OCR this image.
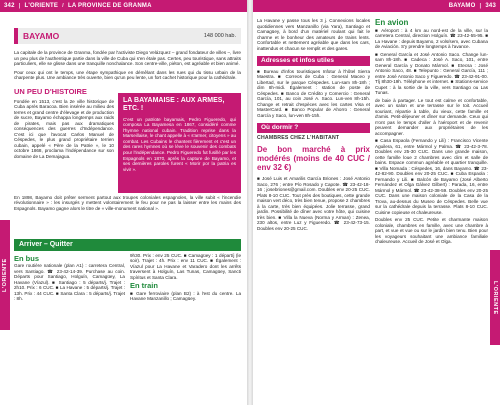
342 | L'ORIENTE / LA PROVINCE DE GRANMA
BAYAMO	148 000 hab.

La capitale de la province de Granma, fondée par l'activiste Diego Velázquez – grand fondateur de villes –, livre un peu plus de l'authentique partie dans la ville de Cuba qui s'en étale pas. Certes, peu touristique, sans attraits particuliers, elle se glisse dans une tranquille nonchalance. Son centre-ville, piéton, est agréable et bien animé.

Pour ceux qui ont le temps, une étape sympathique en démêlant dans les rues qui du tissu urbain de la charpente plus. Une ambiance très ouverte, bien qu'un peu lente, un fort cachet historique pour la cathédrale.

UN PEU D'HISTOIRE
Fondée en 1513, c'est la 2e ville historique de Cuba après Baracoa. Bien insérée au milieu des terres et grand centre d'élevage et de production de sucre, Bayamo échappa longtemps aux raids de pirates, mais pas aux dramatiques conséquences des guerres d'Indépendance. C'est ici que l'avocat Carlos Manuel de Céspedes, le plus grand propriétaire terrien cubain, appelé « Père de la Patrie », le 10 octobre 1868, proclama l'indépendance sur son domaine de La Demajagua.
LA BAYAMAISE : AUX ARMES, ETC. !

C'est un patriote bayamais, Pedro Figueredo, qui composa La Bayamesa en 1867, considéré comme l'hymne national cubain. Tradition reprise dans la Marseillaise, le chant appelle à « s'armer, citoyens » au combat. Les Cubains le chantent fièrement et c'est un des rares hymnes où se lève le souvenir des combats pour l'indépendance. Pedro Figueredo fut fusillé par les Espagnols en 1870, après la capture de Bayamo, et ses dernières paroles furent « Morir por la patria es vivir ».

En 1898, Bayamo doit prêter serment partout aux troupes coloniales espagnoles, la ville subit « l'incendie révolutionnaire » : les insurgés y mettent volontairement le feu pour ne pas la laisser entre les mains des Espagnols. Bayamo gagne alors le titre de « ville-monument national ».

Arriver – Quitter
En bus

Gare routière nationale (plan A1) : carretera Central, vers Santiago. ☎ 23-42-14-39. Purchase au coin. Départs pour Santiago, Holguín, Camagüey, La Havane (Víazul). ■ Santiago : 5 départs/j. Trajet : 2h10. Prix : 6 CUC. ■ La Havane : 5 départs/j. Trajet : 13h. Prix : 44 CUC. ■ Santa Clara : 5 départs/j. Trajet : 8h.

9h30. Prix : env 25 CUC. ■ Camagüey : 1 départ/j (le soir). Trajet : 4h. Prix : env 11 CUC. ■ Également : Víazul pour La Havane et Varadero dont les arrêts traversent à Holguín, Las Tunas, Camagüey, Sancti Spíritus et Santa Clara.

En train

■ Gare ferroviaire (plan B2) : à l'est du centre. La Havane Manzanillo ; Camagüey.

L'ORIENTE
BAYAMO | 343

La Havane y passe tous les 3 j. Connexions locales quotidiennes vers Manzanillo (via Yara), Santiago et Camagüey, à bord d'un matériel roulant qui fait le charme et le bonheur des amateurs de trains lents. Confortable et nettement agréable que dans les cars, inattendus et chacun se remplit et des gares.

Adresses et infos utiles

■ Bureau d'infos touristiques Infotur à l'hôtel Sierra Maestra. ■ Correos de Cuba : General Maceo y Libertad, sur le parque Céspedes. Lun-sam 8h-18h ; dim 8h-midi. Également : station de poste de Céspedes. ■ Banco de Crédito y Comercio : General García, 101, au coin José A. Saco. Lun-ven 8h-15h. Change et retrait d'espèces avec les cartes Visa et MasterCard. ■ Banco Popular de Ahorro : General García y Saco, lun-ven 8h-15h.

Où dormir ?
CHAMBRES CHEZ L'HABITANT
De bon marché à prix modérés (moins de 40 CUC / env 32 €)

■ José Luis et Amarilis García Briones : José Antonio Saco, 276 ; entre Pío Rosado y Capote. ☎ 23-42-18-16 ; josebriones@gmail.com. Doubles env 20-25 CUC. Plats 8-10 CUC. Tout près des boutiques, cette grande maison vert déco, très bien tenue, propose 2 chambres à la carte, très bien équipées. Jolie terrasse, grand jardin. Possibilité de dîner avec votre hôte, qui cuisine très bien. ■ Villa la Nueva (Norma y Arman) : Zenea, 230 altos, entre Luz y Figueredo. ☎ 23-42-73-15. Doubles env 20-25 CUC.

En avion

■ Aéroport : à 4 km au nord-est de la ville, sur la carretera Central, direction Holguín. ☎ 23-42-55-95. ■ La Havane : depuis Bayamo, 2 vols/sem, avec Cubana de Aviación. S'y prendre longtemps à l'avance.

■ General García et José Antonio Saco. Change lun-sam 8h-18h. ■ Cadeca : José A. Saco, 101, entre General García y Donato Mármol. ■ Etecsa : José Antonio Saco, 48. ■ Telepunto : General García, 111 ; entre José Antonio Saco y Figueredo. ☎ 23-42-91-00. Tlj 8h30-19h. Téléphone et internet. ■ Stations-service Cupet : à la sortie de la ville, vers Santiago ou Las Tunas.

de baie à partager. Le tout est calme et confortable, avec un salon et une terrasse sur le toit. Accueil souriant, répartie à table, du vieux, cette famille et d'amis. Petit-déjeuner et dîner sur demande. Ceux qui n'ont pas le temps d'aller à l'aéroport et de revenir peuvent demander aux propriétaires de les accompagner.

■ Casa Espaola (Fernando y Lili) : Francisco Vicente Aguilera, 61, entre Mármol y Palma. ☎ 23-42-3-78. Doubles env 25-30 CUC. Dans une grande maison, cette famille loue 2 chambres avec clim et salle de bains. Espace commun agréable et quartier tranquille. ■ Villa Nomada : Céspedes, 16, dans Bayamo. ☎ 23-42-82-90. Doubles env 20-25 CUC. ■ Cuba Espaola : Fernando y Lili. ■ Balcón de Bayamo (José Alberto Fernández et Olga Gálvez Gilbert) : Parada, 16, entre Mármol y Mármol. ☎ 23-42-38-59. Doubles env 20-25 CUC. Dans une maison coloniale de la Casa de la Trova, au-dessus du Museo de Céspedes. Belle vue sur la cathédrale depuis la terrasse. Plats 8-10 CUC. Cuisine copieuse et chaleureuse.

Doubles env 25 CUC. Petite et charmante maison coloniale, chambres en famille, avec une chambre à part, et vue et vue ou sur le jardin bien tenu. Bien pour les voyageurs souhaitant une ambiance familiale chaleureuse. Accueil de José et Olga.

L'ORIENTE
